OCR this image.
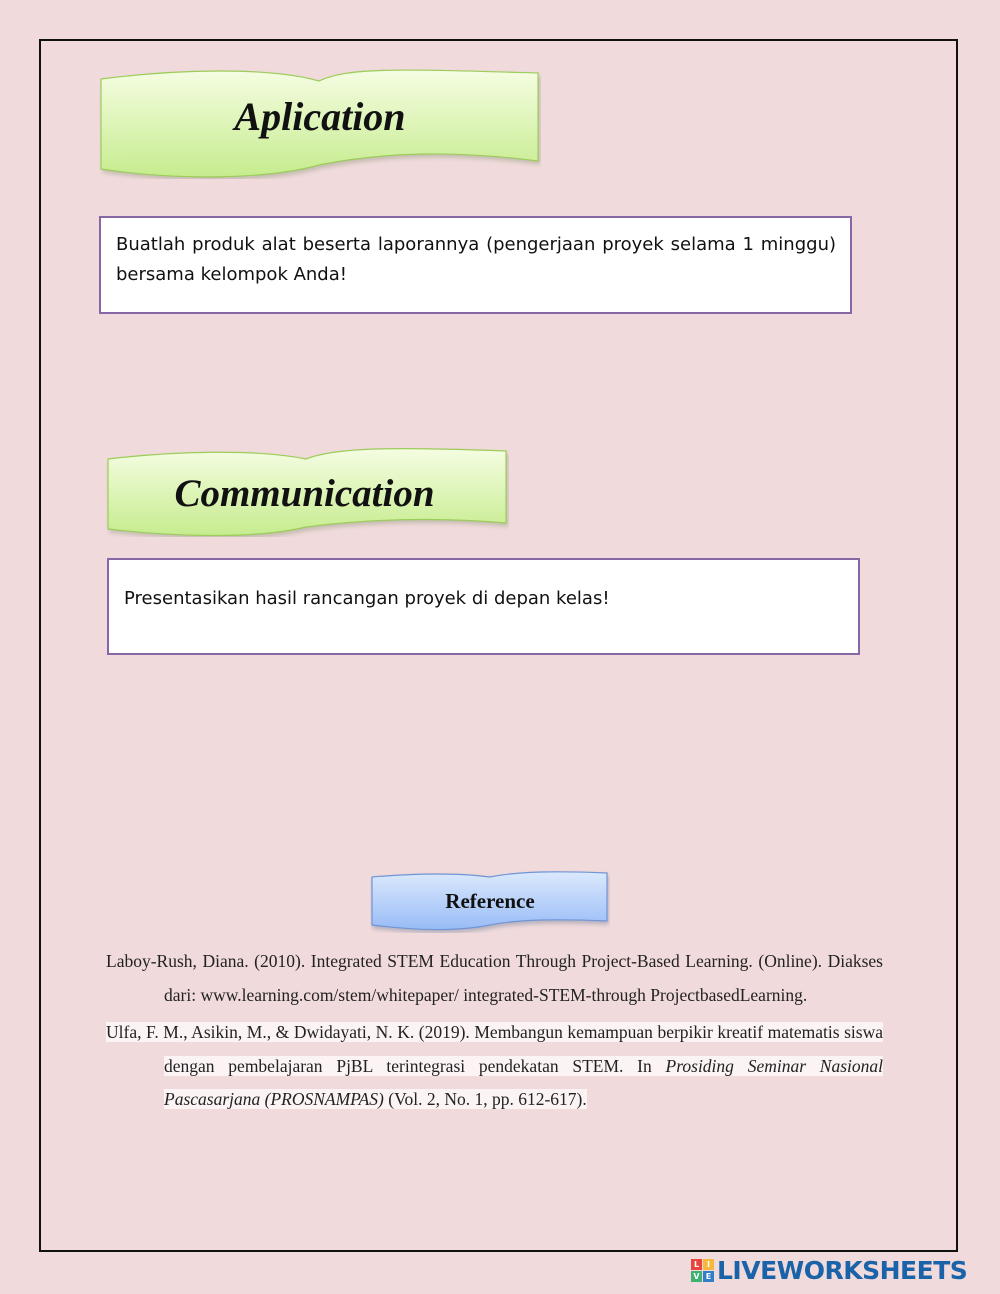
Aplication
Buatlah produk alat beserta laporannya (pengerjaan proyek selama 1 minggu) bersama kelompok Anda!
Communication
Presentasikan hasil rancangan proyek di depan kelas!
Reference

Laboy-Rush, Diana. (2010). Integrated STEM Education Through Project-Based Learning. (Online). Diakses dari: www.learning.com/stem/whitepaper/ integrated-STEM-through ProjectbasedLearning.

Ulfa, F. M., Asikin, M., & Dwidayati, N. K. (2019). Membangun kemampuan berpikir kreatif matematis siswa dengan pembelajaran PjBL terintegrasi pendekatan STEM. In Prosiding Seminar Nasional Pascasarjana (PROSNAMPAS) (Vol. 2, No. 1, pp. 612-617).

L I
V E LIVEWORKSHEETS
